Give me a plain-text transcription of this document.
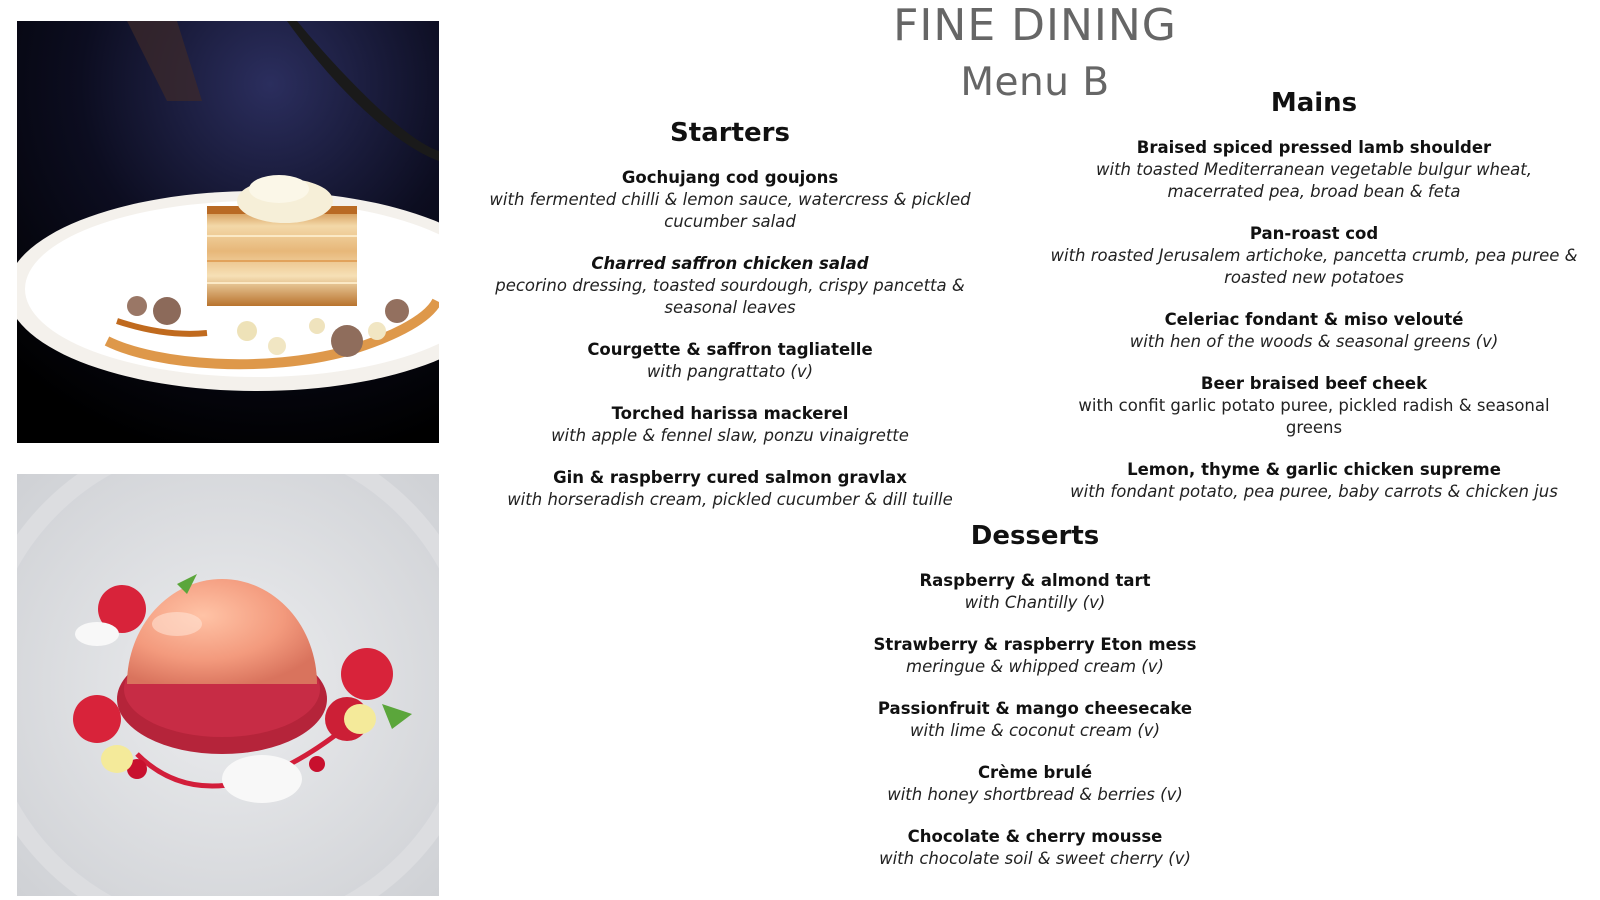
FINE DINING
Menu B
Starters
Gochujang cod goujons
with fermented chilli & lemon sauce, watercress & pickled cucumber salad
Charred saffron chicken salad
pecorino dressing, toasted sourdough, crispy pancetta & seasonal leaves
Courgette & saffron tagliatelle
with pangrattato (v)
Torched harissa mackerel
with apple & fennel slaw, ponzu vinaigrette
Gin & raspberry cured salmon gravlax
with horseradish cream, pickled cucumber & dill tuille
Mains
Braised spiced pressed lamb shoulder
with toasted Mediterranean vegetable bulgur wheat, macerrated pea, broad bean & feta
Pan-roast cod
with roasted Jerusalem artichoke, pancetta crumb, pea puree & roasted new potatoes
Celeriac fondant & miso velouté
with hen of the woods & seasonal greens (v)
Beer braised beef cheek
with confit garlic potato puree, pickled radish & seasonal greens
Lemon, thyme & garlic chicken supreme
with fondant potato, pea puree, baby carrots & chicken jus
Desserts
Raspberry & almond tart
with Chantilly (v)
Strawberry & raspberry Eton mess
meringue & whipped cream (v)
Passionfruit & mango cheesecake
with lime & coconut cream (v)
Crème brulé
with honey shortbread & berries (v)
Chocolate & cherry mousse
with chocolate soil & sweet cherry (v)
